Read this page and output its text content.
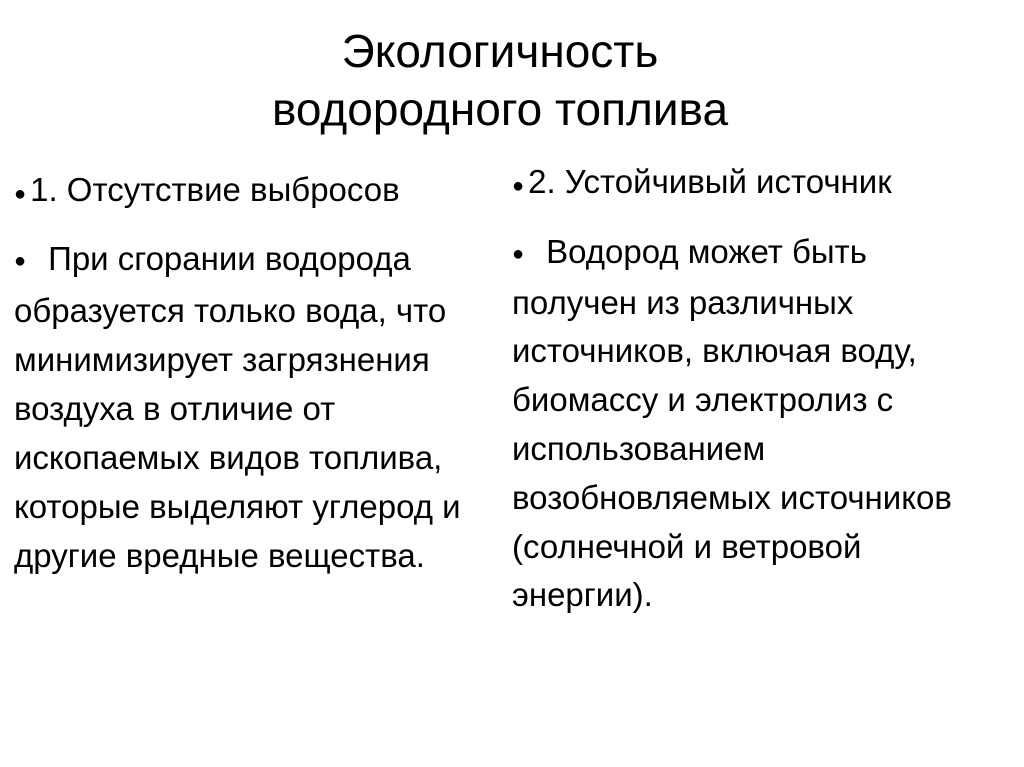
Экологичность
водородного топлива
● 1. Отсутствие выбросов
● При сгорании водорода образуется только вода, что минимизирует загрязнения воздуха в отличие от ископаемых видов топлива, которые выделяют углерод и другие вредные вещества.
● 2. Устойчивый источник
● Водород может быть получен из различных источников, включая воду, биомассу и электролиз с использованием возобновляемых источников (солнечной и ветровой энергии).
